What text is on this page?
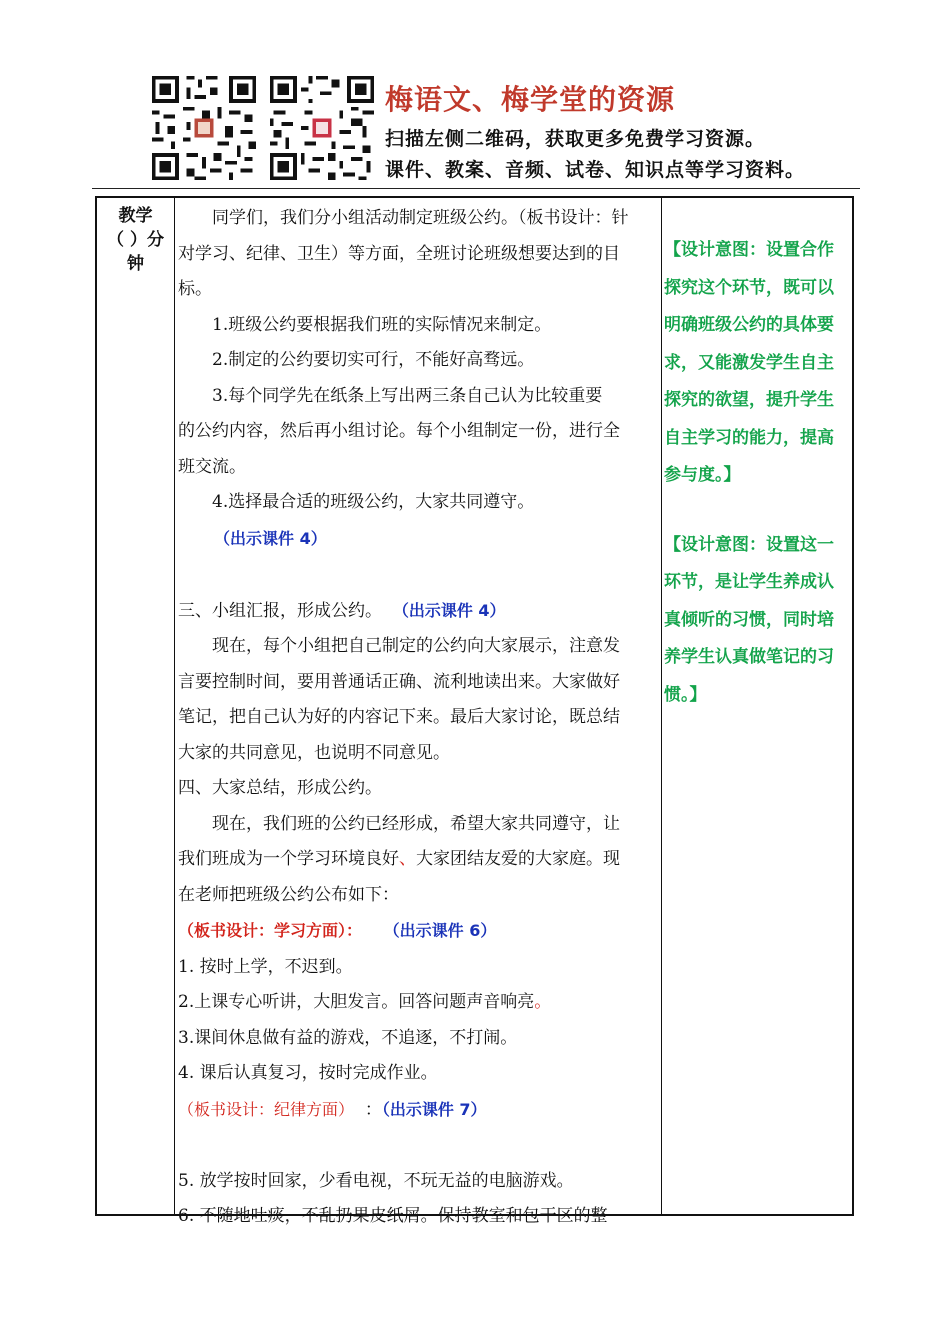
梅语文、梅学堂的资源
扫描左侧二维码，获取更多免费学习资源。
课件、教案、音频、试卷、知识点等学习资料。
教学
（ ）分
钟

同学们，我们分小组活动制定班级公约。（板书设计：针

对学习、纪律、卫生）等方面，全班讨论班级想要达到的目

标。

1.班级公约要根据我们班的实际情况来制定。

2.制定的公约要切实可行，不能好高骛远。

3.每个同学先在纸条上写出两三条自己认为比较重要

的公约内容，然后再小组讨论。每个小组制定一份，进行全

班交流。

4.选择最合适的班级公约，大家共同遵守。

（出示课件 4）

三、小组汇报，形成公约。 （出示课件 4）

现在，每个小组把自己制定的公约向大家展示，注意发

言要控制时间，要用普通话正确、流利地读出来。大家做好

笔记，把自己认为好的内容记下来。最后大家讨论，既总结

大家的共同意见，也说明不同意见。

四、大家总结，形成公约。

现在，我们班的公约已经形成，希望大家共同遵守，让

我们班成为一个学习环境良好、大家团结友爱的大家庭。现

在老师把班级公约公布如下：

（板书设计：学习方面）： （出示课件 6）

1. 按时上学，不迟到。

2.上课专心听讲，大胆发言。回答问题声音响亮。

3.课间休息做有益的游戏，不追逐，不打闹。

4. 课后认真复习，按时完成作业。

（板书设计：纪律方面） ：（出示课件 7）

5. 放学按时回家，少看电视，不玩无益的电脑游戏。

6. 不随地吐痰，不乱扔果皮纸屑。保持教室和包干区的整

【设计意图：设置合作

探究这个环节，既可以

明确班级公约的具体要

求，又能激发学生自主

探究的欲望，提升学生

自主学习的能力，提高

参与度。】

【设计意图：设置这一

环节，是让学生养成认

真倾听的习惯，同时培

养学生认真做笔记的习

惯。】
